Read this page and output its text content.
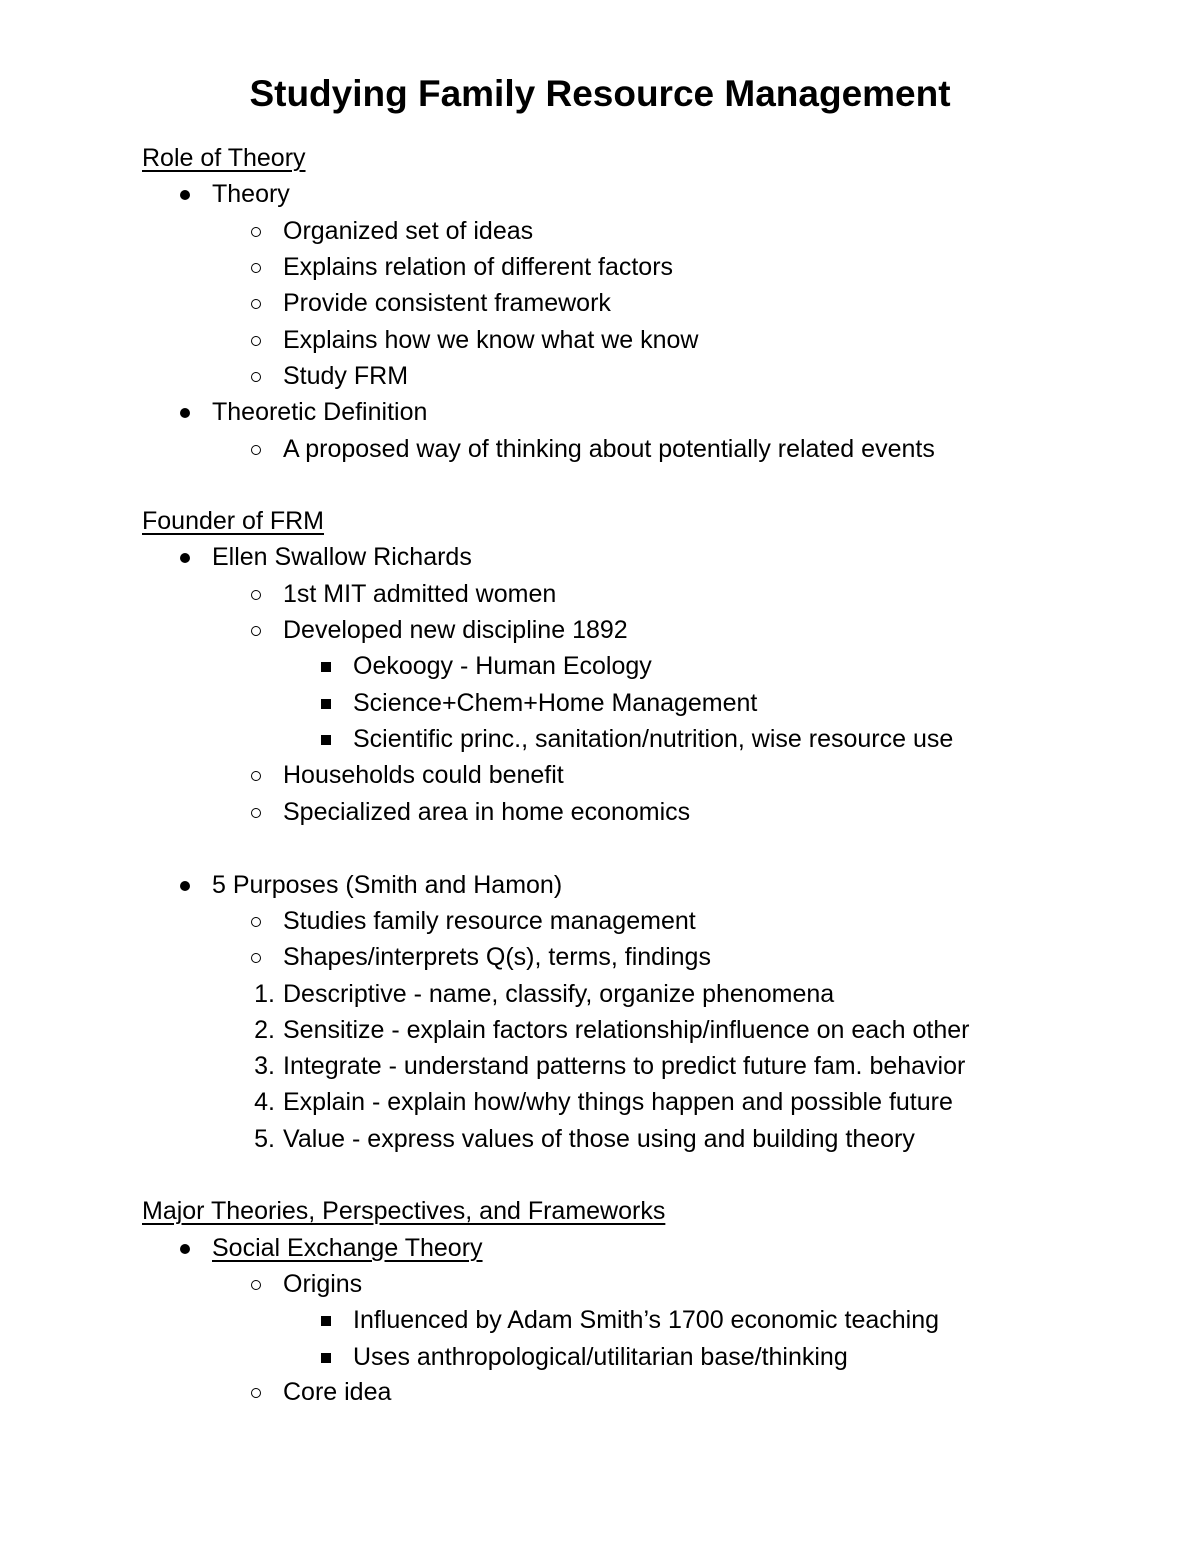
Studying Family Resource Management
Role of Theory
Theory
Organized set of ideas
Explains relation of different factors
Provide consistent framework
Explains how we know what we know
Study FRM
Theoretic Definition
A proposed way of thinking about potentially related events
Founder of FRM
Ellen Swallow Richards
1st MIT admitted women
Developed new discipline 1892
Oekoogy - Human Ecology
Science+Chem+Home Management
Scientific princ., sanitation/nutrition, wise resource use
Households could benefit
Specialized area in home economics
5 Purposes (Smith and Hamon)
Studies family resource management
Shapes/interprets Q(s), terms, findings
1. Descriptive - name, classify, organize phenomena
2. Sensitize - explain factors relationship/influence on each other
3. Integrate - understand patterns to predict future fam. behavior
4. Explain - explain how/why things happen and possible future
5. Value - express values of those using and building theory
Major Theories, Perspectives, and Frameworks
Social Exchange Theory
Origins
Influenced by Adam Smith’s 1700 economic teaching
Uses anthropological/utilitarian base/thinking
Core idea
